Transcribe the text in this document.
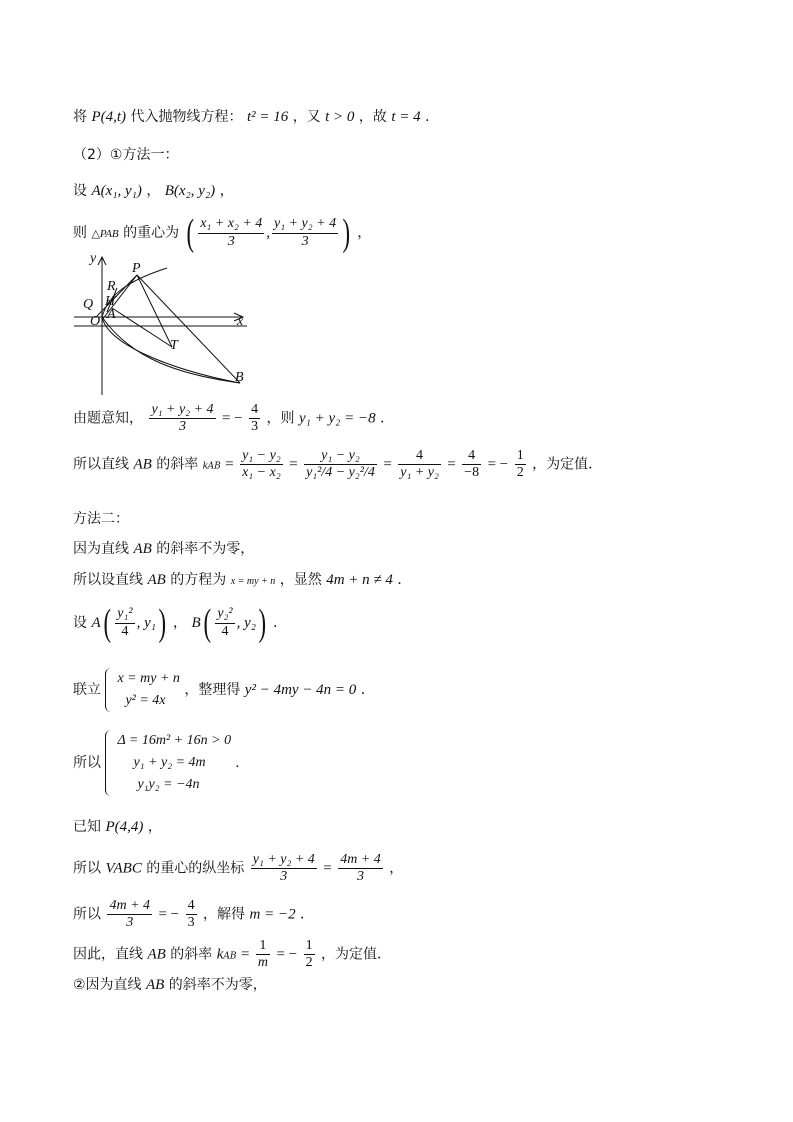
将 P(4,t) 代入抛物线方程： t² = 16 ，又 t > 0 ，故 t = 4 ．
（2）①方法一：
设 A(x₁, y₁) ， B(x₂, y₂) ，
则 △PAB 的重心为 ( $\frac{\text{x₁ + x₂ + 4}}{3}$ , $\frac{\text{y₁ + y₂ + 4}}{3}$ ) ，
y
x
P
R
Q H
O A
T
B
由题意知， $\frac{\text{y₁ + y₂ + 4}}{3}$ = − $\frac{4}{3}$ ，则 y₁ + y₂ = −8 ．
所以直线 AB 的斜率 kAB = $\frac{\text{y₁ − y₂}}{\text{x₁ − x₂}} = \frac{\text{y₁ − y₂}}{\text{y₁²/4 − y₂²/4}} = \frac{4}{\text{y₁ + y₂}} = \frac{4}{-8}$ = − $\frac{1}{2}$ ，为定值．
方法二：
因为直线 AB 的斜率不为零，
所以设直线 AB 的方程为 x = my + n ，显然 4m + n ≠ 4 ．
设 $A( \frac{\text{y₁²}}{4}$ , y₁) ， $B( \frac{\text{y₂²}}{4}$ , y₂) ．
联立
x = my + n
y² = 4x
，整理得 y² − 4my − 4n = 0 ．
所以
Δ = 16m² + 16n > 0
y₁ + y₂ = 4m
y₁y₂ = −4n
.
已知 P(4,4) ，
所以 VABC 的重心的纵坐标 $\frac{\text{y₁ + y₂ + 4}}{3} = \frac{4m + 4}{3}$ ，
所以 $\frac{4m + 4}{3}$ = − $\frac{4}{3}$ ，解得 m = −2 ．
因此，直线 AB 的斜率 kAB = $\frac{1}{m}$ = − $\frac{1}{2}$ ，为定值．
②因为直线 AB 的斜率不为零，
